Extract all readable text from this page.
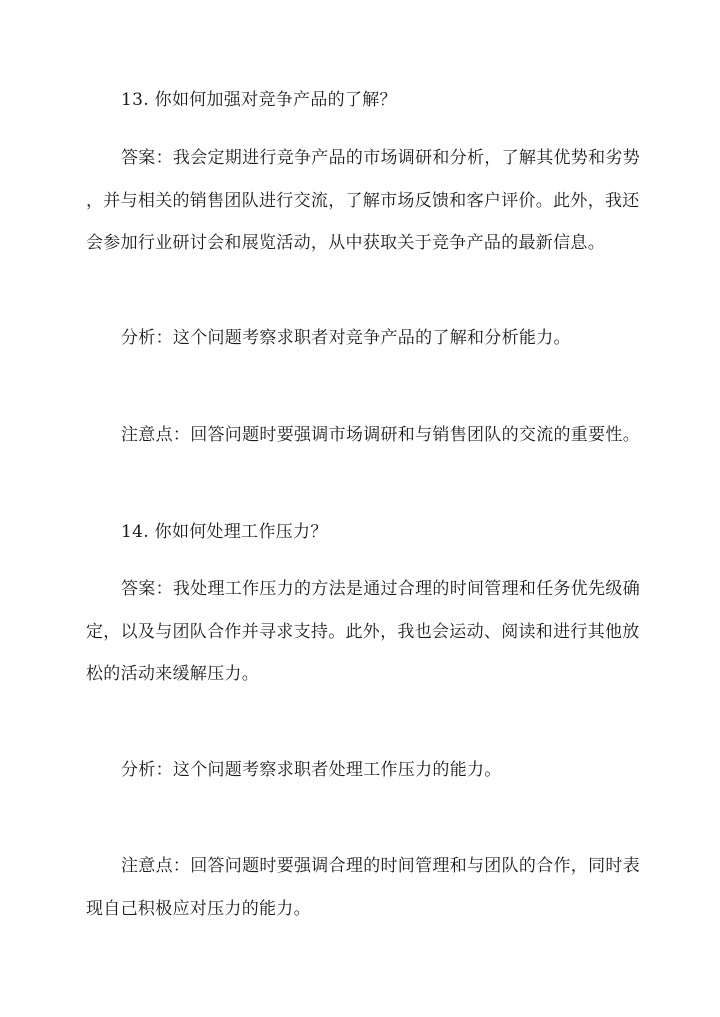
13. 你如何加强对竞争产品的了解？
答案：我会定期进行竞争产品的市场调研和分析，了解其优势和劣势
，并与相关的销售团队进行交流，了解市场反馈和客户评价。此外，我还
会参加行业研讨会和展览活动，从中获取关于竞争产品的最新信息。
分析：这个问题考察求职者对竞争产品的了解和分析能力。
注意点：回答问题时要强调市场调研和与销售团队的交流的重要性。
14. 你如何处理工作压力？
答案：我处理工作压力的方法是通过合理的时间管理和任务优先级确
定，以及与团队合作并寻求支持。此外，我也会运动、阅读和进行其他放
松的活动来缓解压力。
分析：这个问题考察求职者处理工作压力的能力。
注意点：回答问题时要强调合理的时间管理和与团队的合作，同时表
现自己积极应对压力的能力。
